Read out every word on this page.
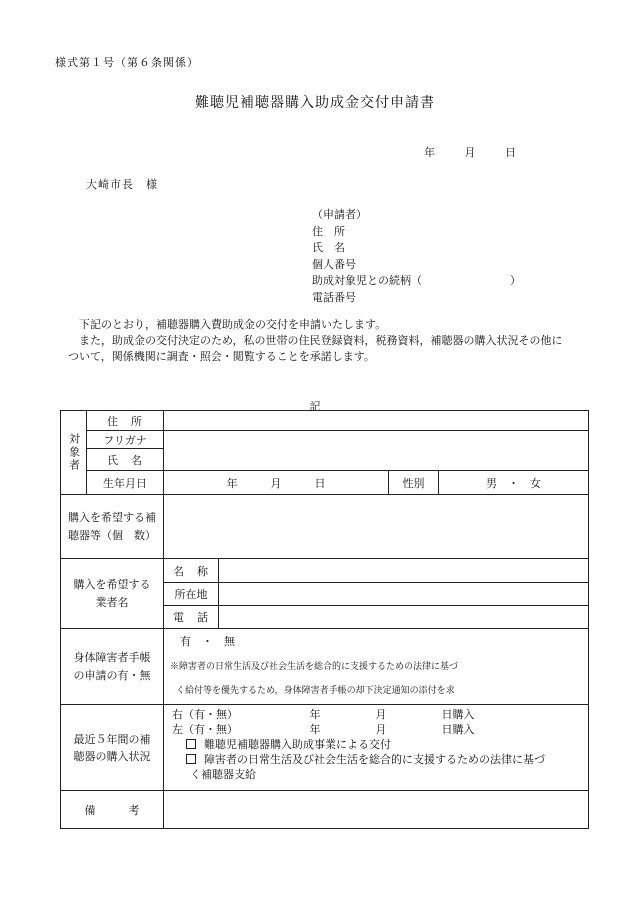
様式第１号（第６条関係）
難聴児補聴器購入助成金交付申請書
年	月	日
大崎市長　様
（申請者）
住　所
氏　名
個人番号
助成対象児との続柄（　　　　　　　　）
電話番号

下記のとおり，補聴器購入費助成金の交付を申請いたします。

また，助成金の交付決定のため，私の世帯の住民登録資料，税務資料，補聴器の購入状況その他について，関係機関に調査・照会・閲覧することを承諾します。

記
対象者	住　所				
	フリガナ				
	氏　名				
	生年月日	年　　　月　　　日		性別	男　・　女
購入を希望する補聴器等（個　数）					
購入を希望する業者名		名　称			
		所在地			
		電　話			
身体障害者手帳の申請の有・無		有　・　無
※障害者の日常生活及び社会生活を総合的に支援するための法律に基づ
く給付等を優先するため，身体障害者手帳の却下決定通知の添付を求			

最近５年間の補聴器の購入状況		右（有・無）　　　　　　　年　　　　　月　　　　　日購入
左（有・無）　　　　　　　年　　　　　月　　　　　日購入
難聴児補聴器購入助成事業による交付
障害者の日常生活及び社会生活を総合的に支援するための法律に基づ
く補聴器支給			

備　　　考					
